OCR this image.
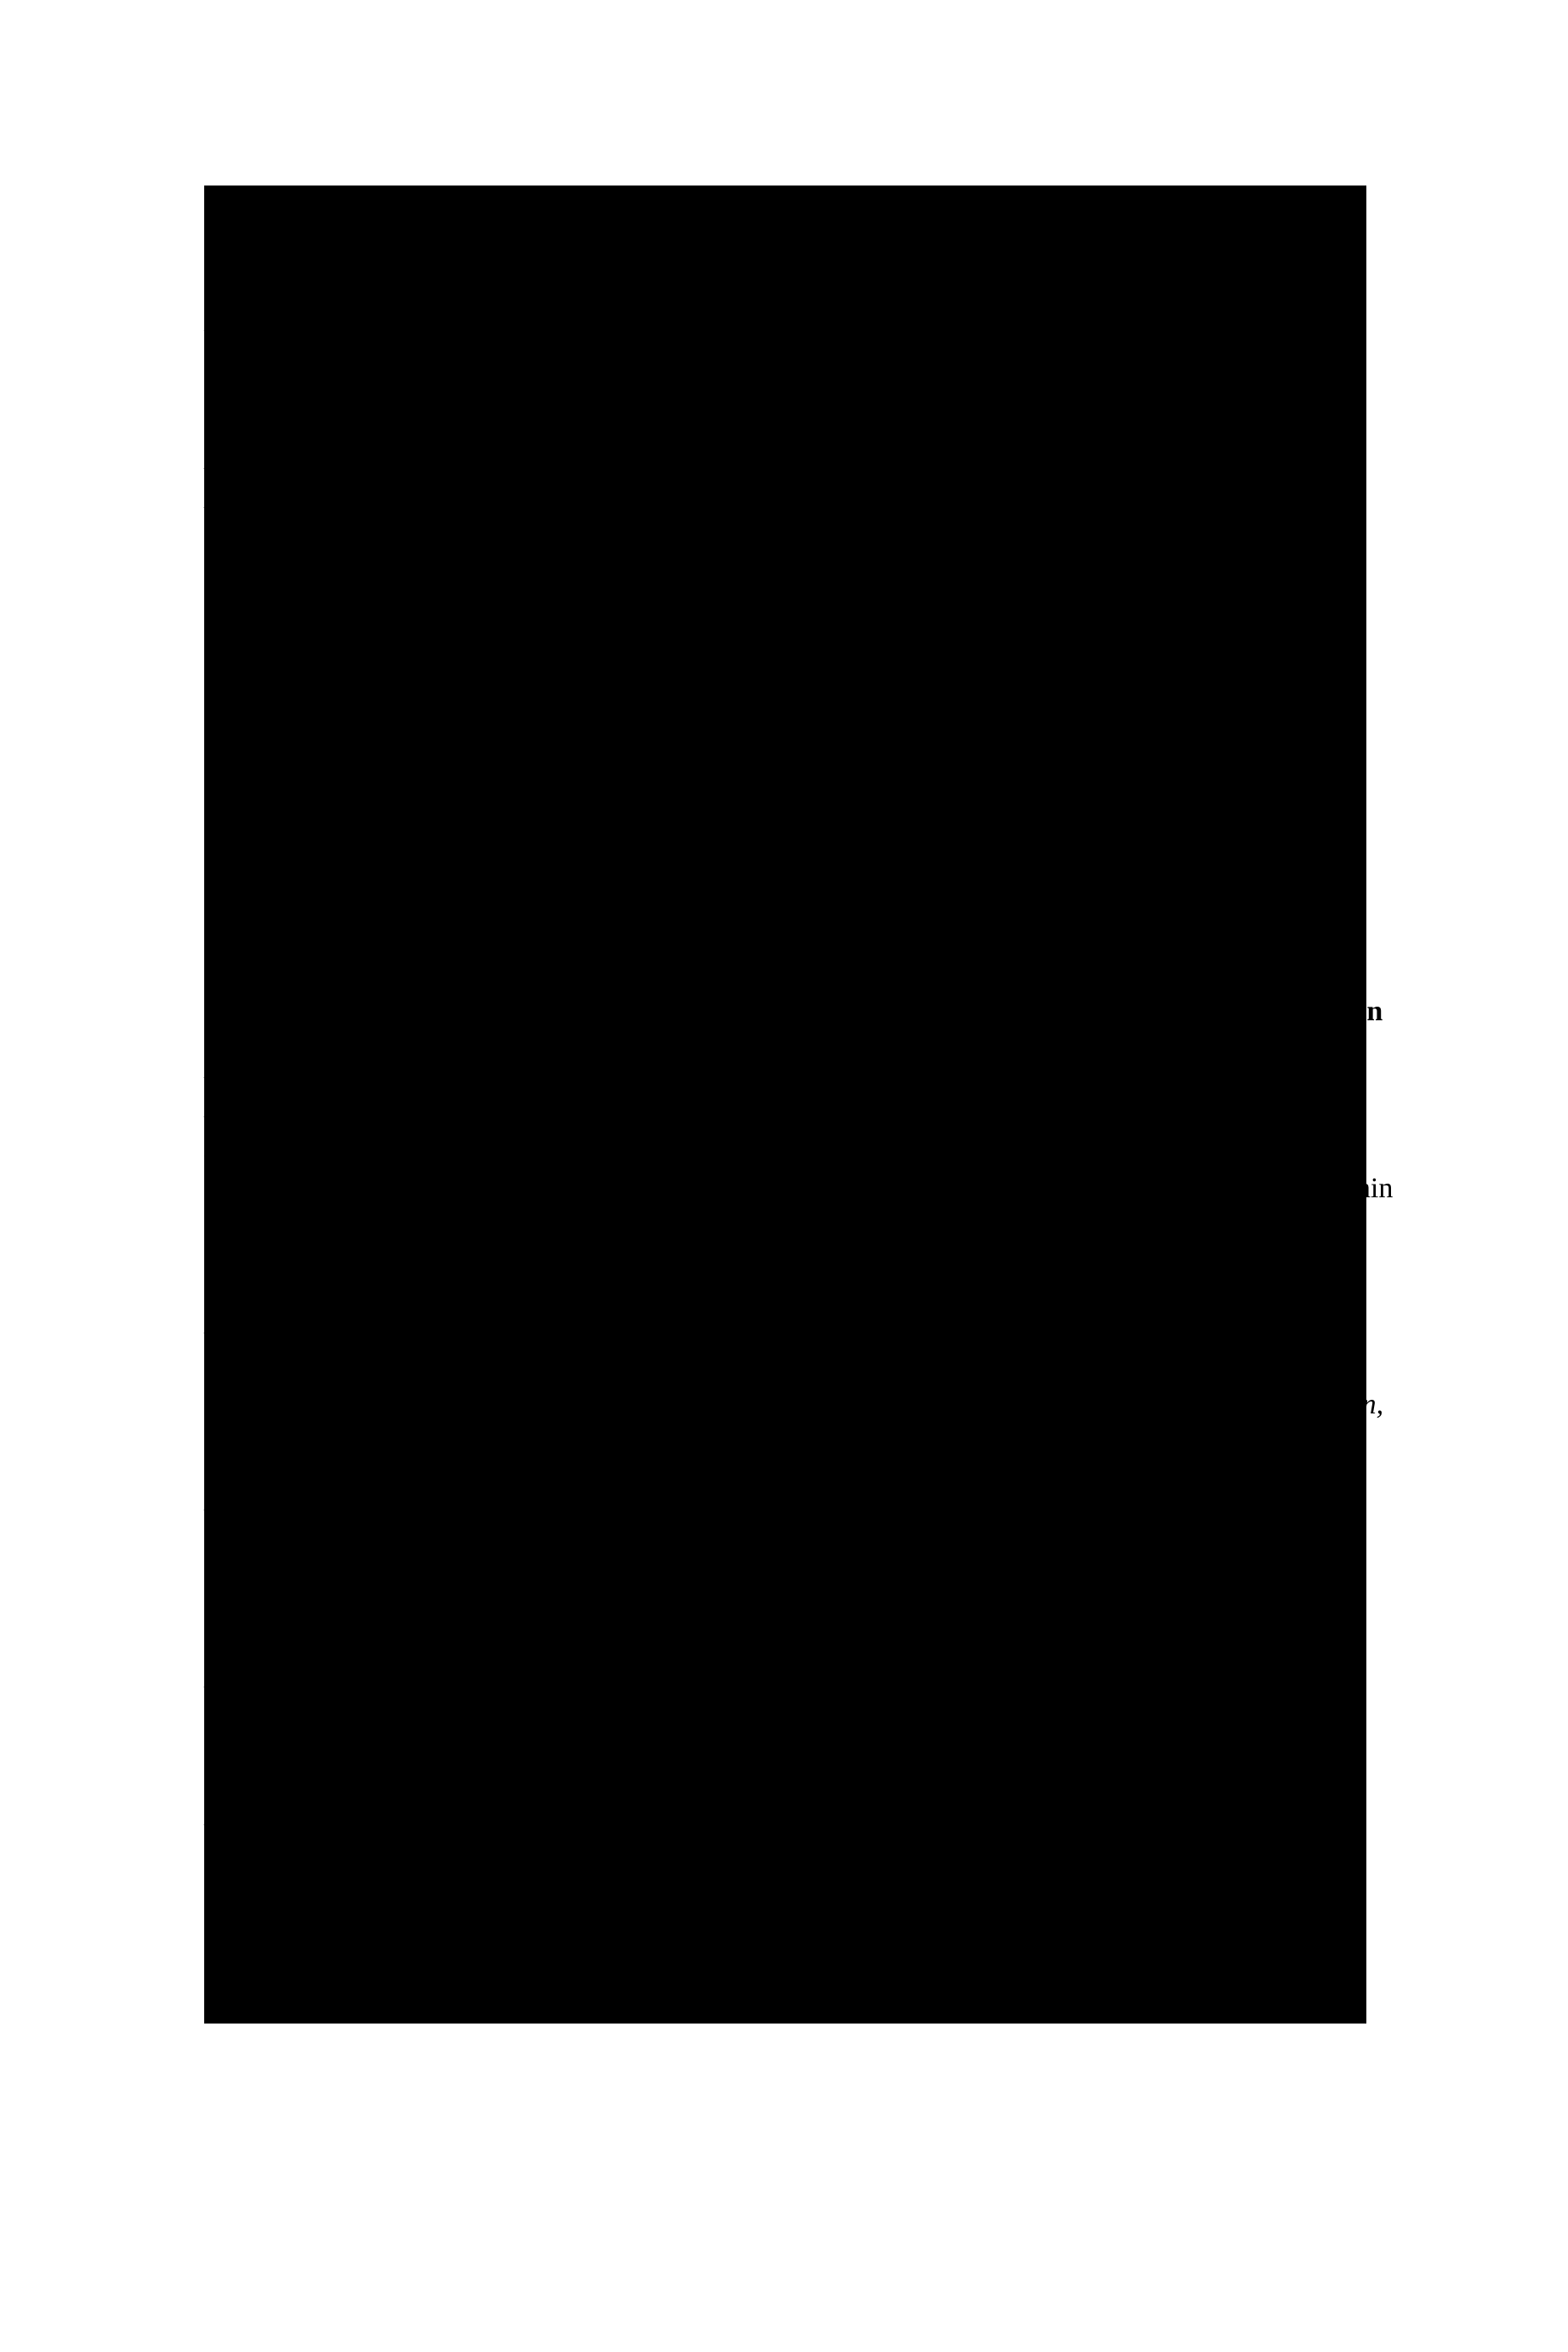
41 The Conservative Party and European Integration since 1945
At the heart of Europe?
N.J. Crowson
42 E-Government in Europe
Re-booting the state
Edited by Paul G. Nixon and Vassiliki N. Koutrakou
43 EU Foreign and Interior Policies
Cross-pillar politics and the social construction of sovereignty
Stephan Stetter
44 Policy Transfer in European Union Governance
Regulating the utilities
Simon Bulmer, David Dolowitz, Peter Humphreys and Stephen Padgett
45 The Europeanization of National Political Parties
Power and organizational adaptation
Edited by Thomas Poguntke, Nicholas Aylott, Elisabeth Carter, Robert Ladrech and Kurt Richard Luther
46 Citizenship in Nordic Welfare States
Dynamics of choice, duties and participation in a changing Europe
Edited by Bjørn Hvinden and Håkan Johansson
47 National Parliaments within the Enlarged European Union
From victims of integration to competitive actors?
Edited by John O’Brennan and Tapio Raunio
48 Britain, Ireland and Northern Ireland since 1980
The Totality of Relationships
Eamonn O’Kane
49 The EU and the European Security Strategy
Forging a Global Europe
Edited by Sven Biscop and Jan Joel Andersson
50 European Security and Defence Policy
An Implementation Perspective
Edited by Michael Merlingen and Rasa Ostrauskaitė
51 Women and British Party Politics
Descriptive, substantive and symbolic representation
Sarah Childs
52 The Selection of Ministers in Europe
Hiring and firing
Edited by Keith Dowding and Patrick Dumont
53 Energy Security
Europe’s new foreign policy challenge
Richard Youngs
54 Institutional Challenges in Post-Constitutional Europe
Governing change
Edited by Catherine Moury and Luís de Sousa
55 The Struggle for the European Constitution
A past and future history
Michael O’Neill
56 Transnational Labour Solidarity
Mechanisms of commitment to cooperation within the European trade union movement
Katarzyna Gajewska
57 The Illusion of Accountability in the European Union
Edited by Sverker Gustavsson, Christer Karlsson, and Thomas Persson
58 The European Union and Global Social Change
A critical geopolitical-economic analysis
József Böröcz
59 Citizenship and Collective Identity in Europe
Ireneusz Pawel Karolewski
